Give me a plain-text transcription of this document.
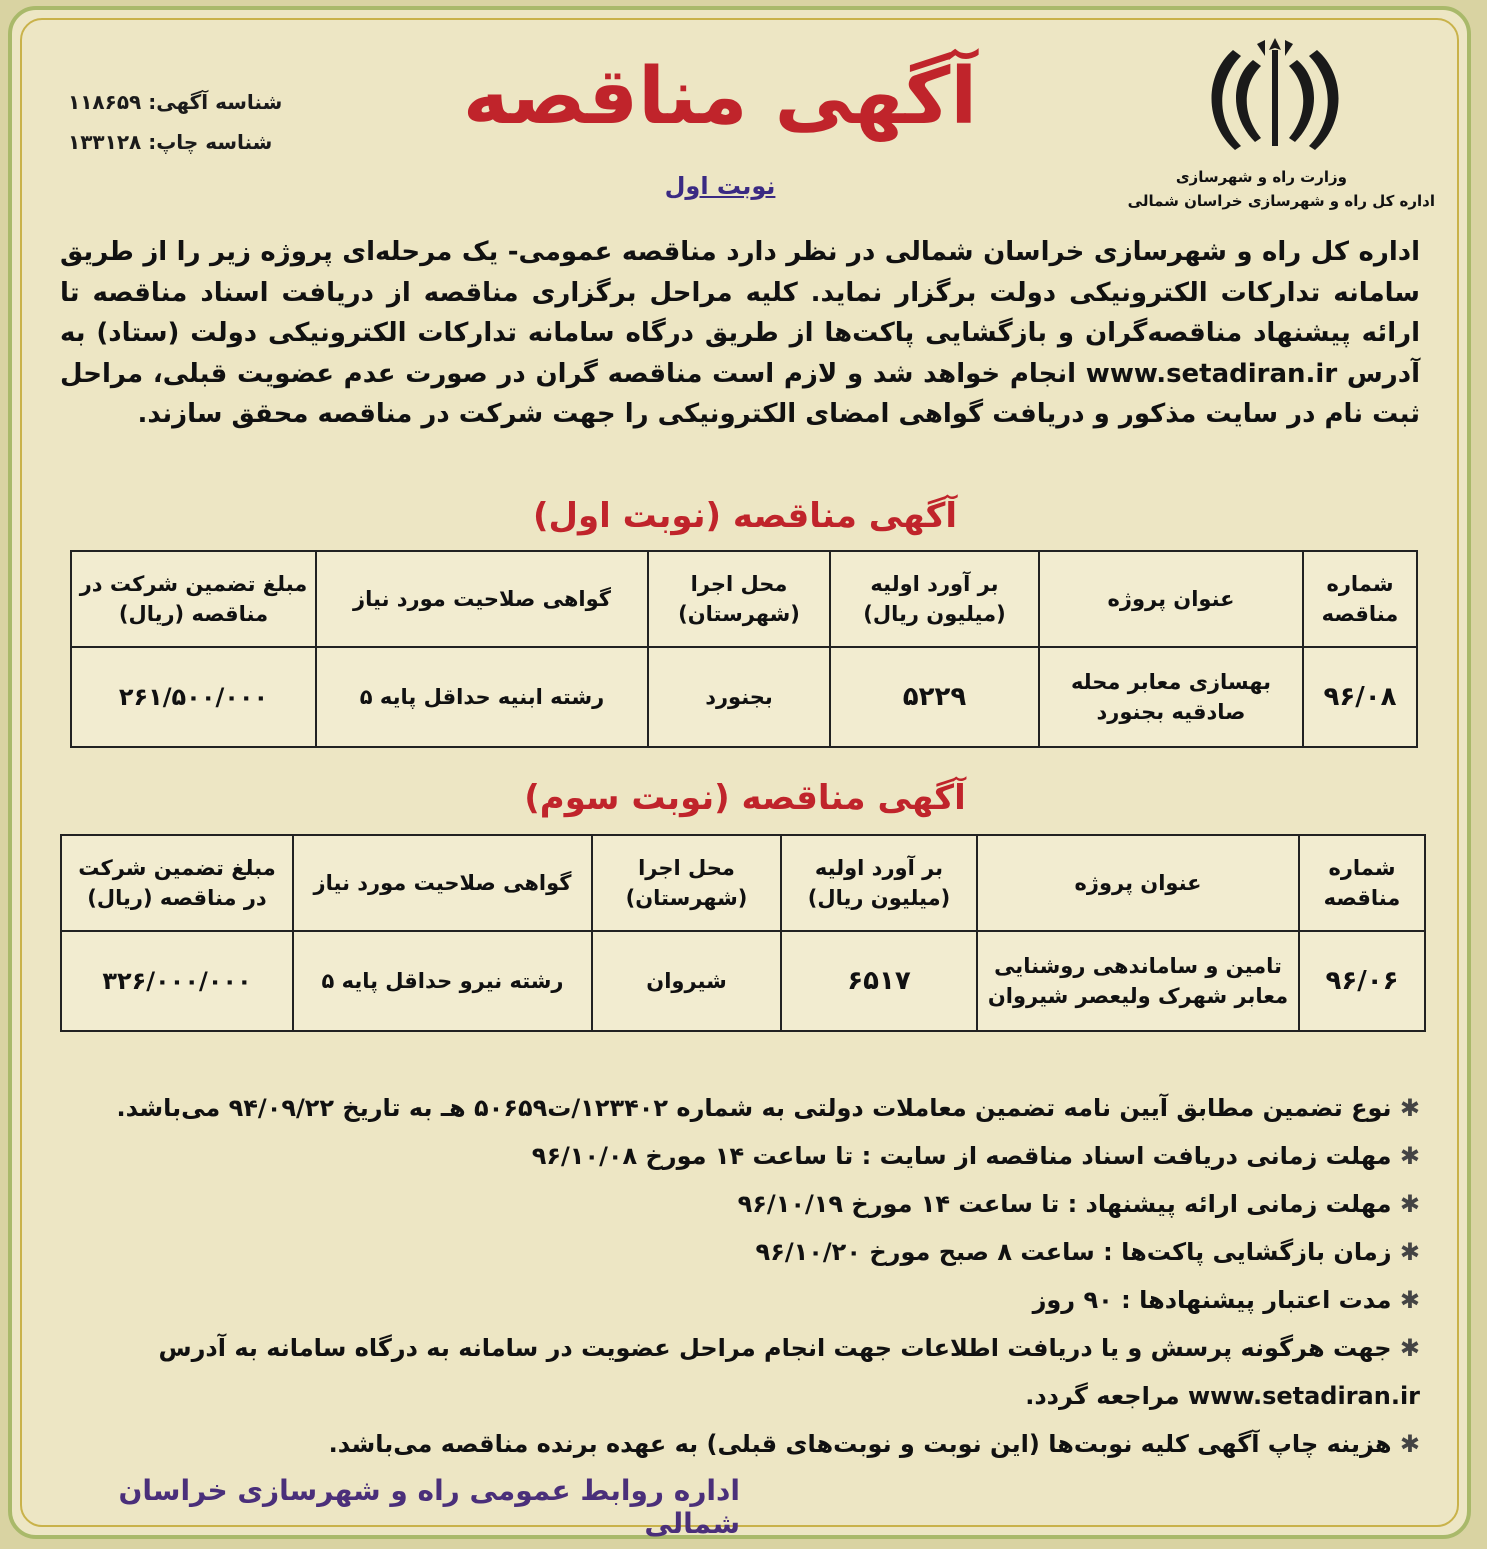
وزارت راه و شهرسازی
اداره کل راه و شهرسازی خراسان شمالی
شناسه آگهی: ۱۱۸۶۵۹
شناسه چاپ: ۱۳۳۱۲۸	آگهی مناقصه
نوبت اول
اداره کل راه و شهرسازی خراسان شمالی در نظر دارد مناقصه عمومی- یک مرحله‌ای پروژه زیر را از طریق سامانه تدارکات الکترونیکی دولت برگزار نماید. کلیه مراحل برگزاری مناقصه از دریافت اسناد مناقصه تا ارائه پیشنهاد مناقصه‌گران و بازگشایی پاکت‌ها از طریق درگاه سامانه تدارکات الکترونیکی دولت (ستاد) به آدرس www.setadiran.ir انجام خواهد شد و لازم است مناقصه گران در صورت عدم عضویت قبلی، مراحل ثبت نام در سایت مذکور و دریافت گواهی امضای الکترونیکی را جهت شرکت در مناقصه محقق سازند.
آگهی مناقصه (نوبت اول)
شماره مناقصه	عنوان پروژه	بر آورد اولیه (میلیون ریال)	محل اجرا (شهرستان)	گواهی صلاحیت مورد نیاز	مبلغ تضمین شرکت در مناقصه (ریال)
۹۶/۰۸	بهسازی معابر محله صادقیه بجنورد	۵۲۲۹	بجنورد	رشته ابنیه حداقل پایه ۵	۲۶۱/۵۰۰/۰۰۰
آگهی مناقصه (نوبت سوم)
شماره مناقصه	عنوان پروژه	بر آورد اولیه (میلیون ریال)	محل اجرا (شهرستان)	گواهی صلاحیت مورد نیاز	مبلغ تضمین شرکت در مناقصه (ریال)
۹۶/۰۶	تامین و ساماندهی روشنایی معابر شهرک ولیعصر شیروان	۶۵۱۷	شیروان	رشته نیرو حداقل پایه ۵	۳۲۶/۰۰۰/۰۰۰
✱ نوع تضمین مطابق آیین نامه تضمین معاملات دولتی به شماره ۱۲۳۴۰۲/ت۵۰۶۵۹ هـ به تاریخ ۹۴/۰۹/۲۲ می‌باشد.
✱ مهلت زمانی دریافت اسناد مناقصه از سایت : تا ساعت ۱۴ مورخ ۹۶/۱۰/۰۸
✱ مهلت زمانی ارائه پیشنهاد : تا ساعت ۱۴ مورخ ۹۶/۱۰/۱۹
✱ زمان بازگشایی پاکت‌ها : ساعت ۸ صبح مورخ ۹۶/۱۰/۲۰
✱ مدت اعتبار پیشنهادها : ۹۰ روز
✱ جهت هرگونه پرسش و یا دریافت اطلاعات جهت انجام مراحل عضویت در سامانه به درگاه سامانه به آدرس
www.setadiran.ir مراجعه گردد.
✱ هزینه چاپ آگهی کلیه نوبت‌ها (این نوبت و نوبت‌های قبلی) به عهده برنده مناقصه می‌باشد.
اداره روابط عمومی راه و شهرسازی خراسان شمالی
